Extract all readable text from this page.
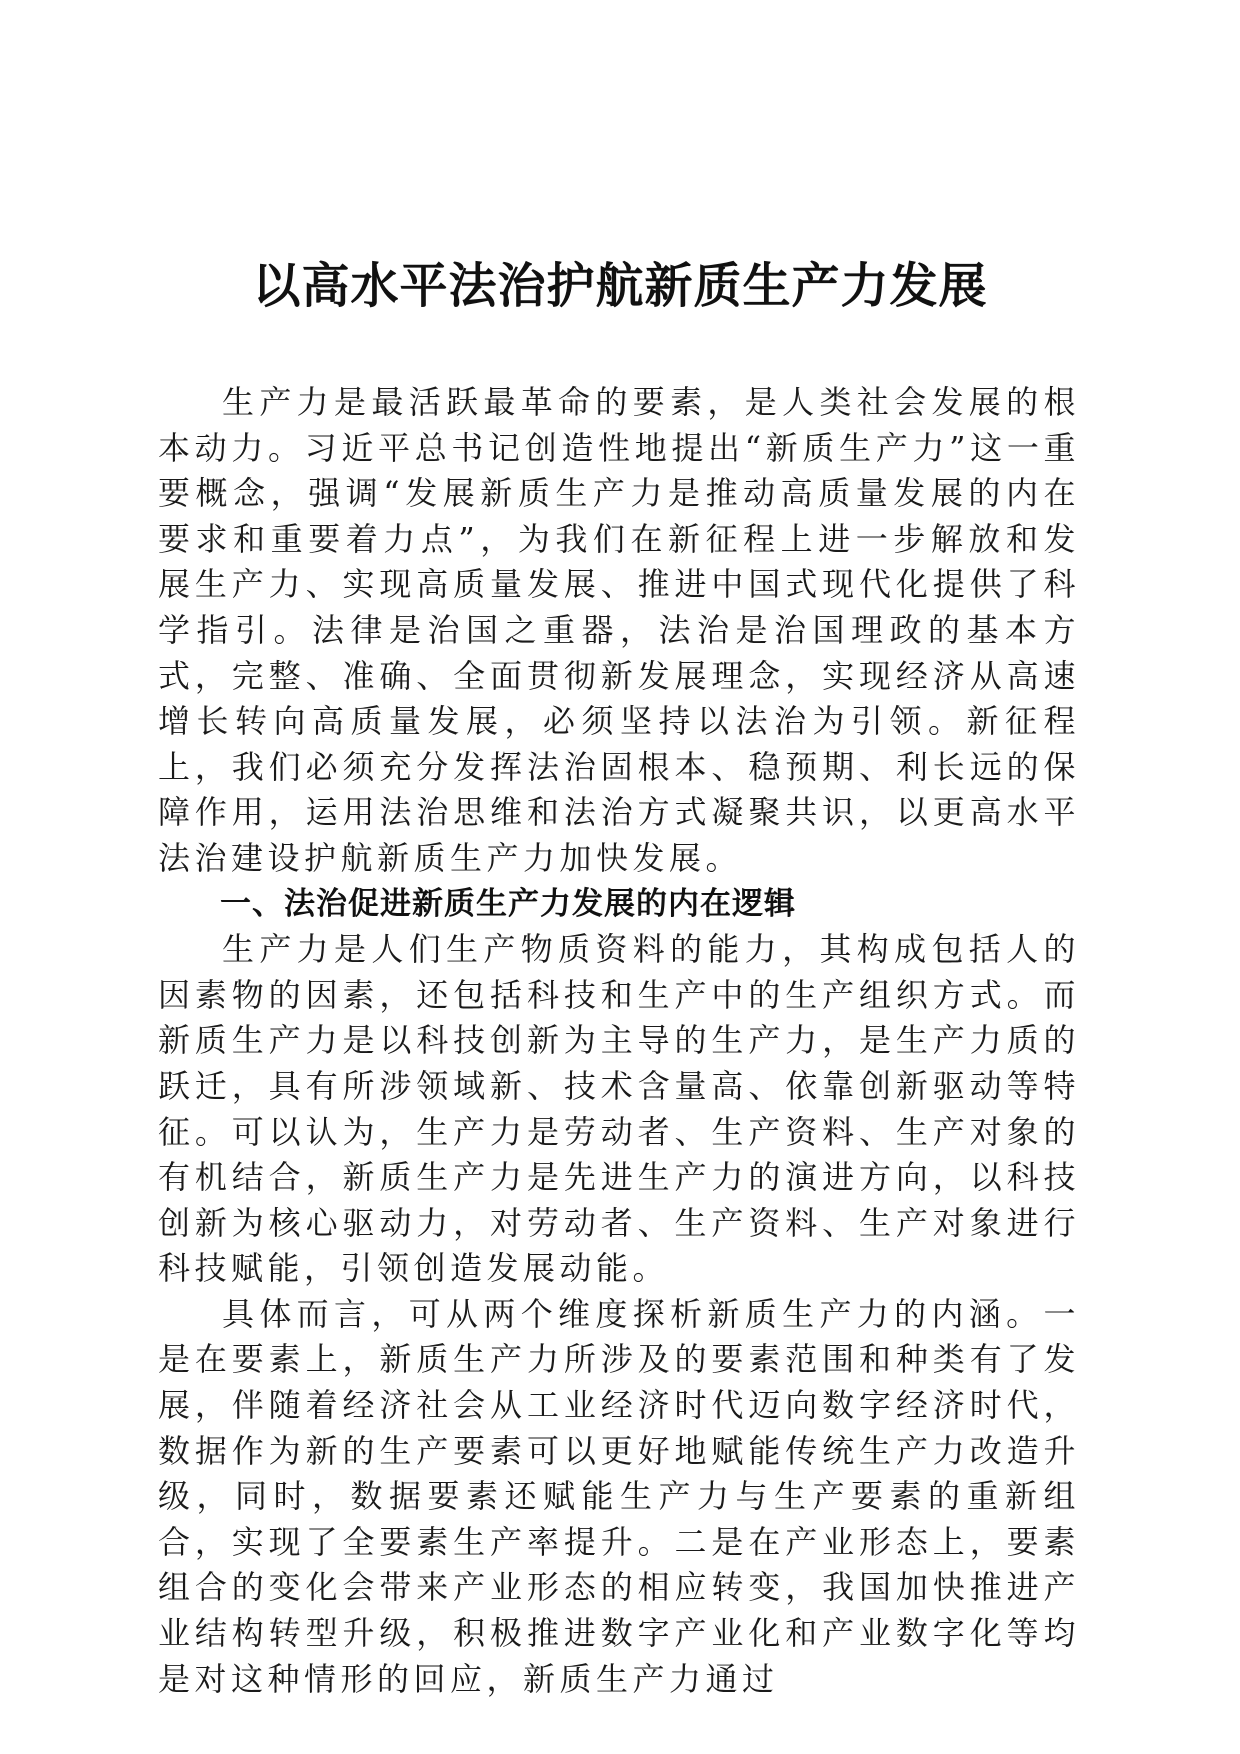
以高水平法治护航新质生产力发展

生产力是最活跃最革命的要素，是人类社会发展的根本动力。习近平总书记创造性地提出“新质生产力”这一重要概念，强调“发展新质生产力是推动高质量发展的内在要求和重要着力点”，为我们在新征程上进一步解放和发展生产力、实现高质量发展、推进中国式现代化提供了科学指引。法律是治国之重器，法治是治国理政的基本方式，完整、准确、全面贯彻新发展理念，实现经济从高速增长转向高质量发展，必须坚持以法治为引领。新征程上，我们必须充分发挥法治固根本、稳预期、利长远的保障作用，运用法治思维和法治方式凝聚共识，以更高水平法治建设护航新质生产力加快发展。

一、法治促进新质生产力发展的内在逻辑

生产力是人们生产物质资料的能力，其构成包括人的因素物的因素，还包括科技和生产中的生产组织方式。而新质生产力是以科技创新为主导的生产力，是生产力质的跃迁，具有所涉领域新、技术含量高、依靠创新驱动等特征。可以认为，生产力是劳动者、生产资料、生产对象的有机结合，新质生产力是先进生产力的演进方向，以科技创新为核心驱动力，对劳动者、生产资料、生产对象进行科技赋能，引领创造发展动能。

具体而言，可从两个维度探析新质生产力的内涵。一是在要素上，新质生产力所涉及的要素范围和种类有了发展，伴随着经济社会从工业经济时代迈向数字经济时代，数据作为新的生产要素可以更好地赋能传统生产力改造升级，同时，数据要素还赋能生产力与生产要素的重新组合，实现了全要素生产率提升。二是在产业形态上，要素组合的变化会带来产业形态的相应转变，我国加快推进产业结构转型升级，积极推进数字产业化和产业数字化等均是对这种情形的回应，新质生产力通过
